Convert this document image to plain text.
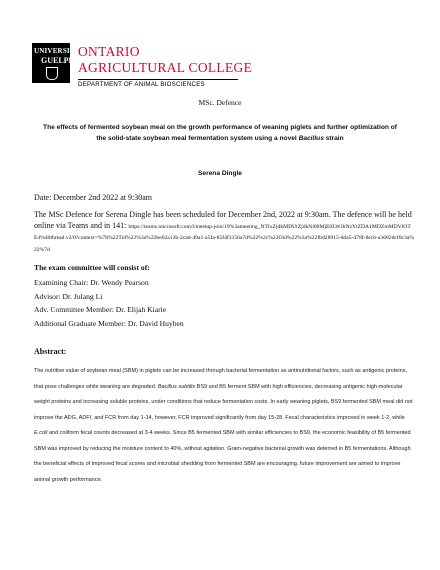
UNIVERSITY
GUELPH
ONTARIO
AGRICULTURAL COLLEGE
DEPARTMENT OF ANIMAL BIOSCIENCES
MSc. Defence
The effects of fermented soybean meal on the growth performance of weaning piglets and further optimization of the solid-state soybean meal fermentation system using a novel Bacillus strain
Serena Dingle
Date: December 2nd 2022 at 9:30am
The MSc Defence for Serena Dingle has been scheduled for December 2nd, 2022 at 9:30am. The defence will be held online via Teams and in 141: https://teams.microsoft.com/l/meetup-join/19%3ameeting_NTIxZjdkMDUtZjdkNi00MjE0LWJhNzYtZDA1MDZmMDVlOTE4%40thread.v2/0?context=%7b%22Tid%22%3a%22be62a12b-2cad-49a1-a5fa-85f4f3156a7d%22%2c%22Oid%22%3a%22fbd28915-dda5-478f-8ecb-a3682dcf0c3a%22%7d
The exam committee will consist of:
Examining Chair: Dr. Wendy Pearson
Advisor: Dr. Julang Li
Adv. Committee Member: Dr. Elijah Kiarie
Additional Graduate Member: Dr. David Huyben
Abstract:
The nutritive value of soybean meal (SBM) in piglets can be increased through bacterial fermentation as antinutritional factors, such as antigenic proteins, that pose challenges while weaning are degraded. Bacillus subtilis BS9 and B5 ferment SBM with high efficiencies, decreasing antigenic high-molecular weight proteins and increasing soluble proteins, under conditions that reduce fermentation costs. In early weaning piglets, BS9 fermented SBM meal did not improve the ADG, ADFI, and FCR from day 1-14, however, FCR improved significantly from day 15-28. Fecal characteristics improved in week 1-2, while E.coli and coliform fecal counts decreased at 3-4 weeks. Since B5 fermented SBM with similar efficiencies to BS9, the economic feasibility of B5 fermented SBM was improved by reducing the moisture content to 40%, without agitation. Gram-negative bacterial growth was deterred in B5 fermentations. Although the beneficial effects of improved fecal scores and microbial shedding from fermented SBM are encouraging, future improvement are aimed to improve animal growth performance.
